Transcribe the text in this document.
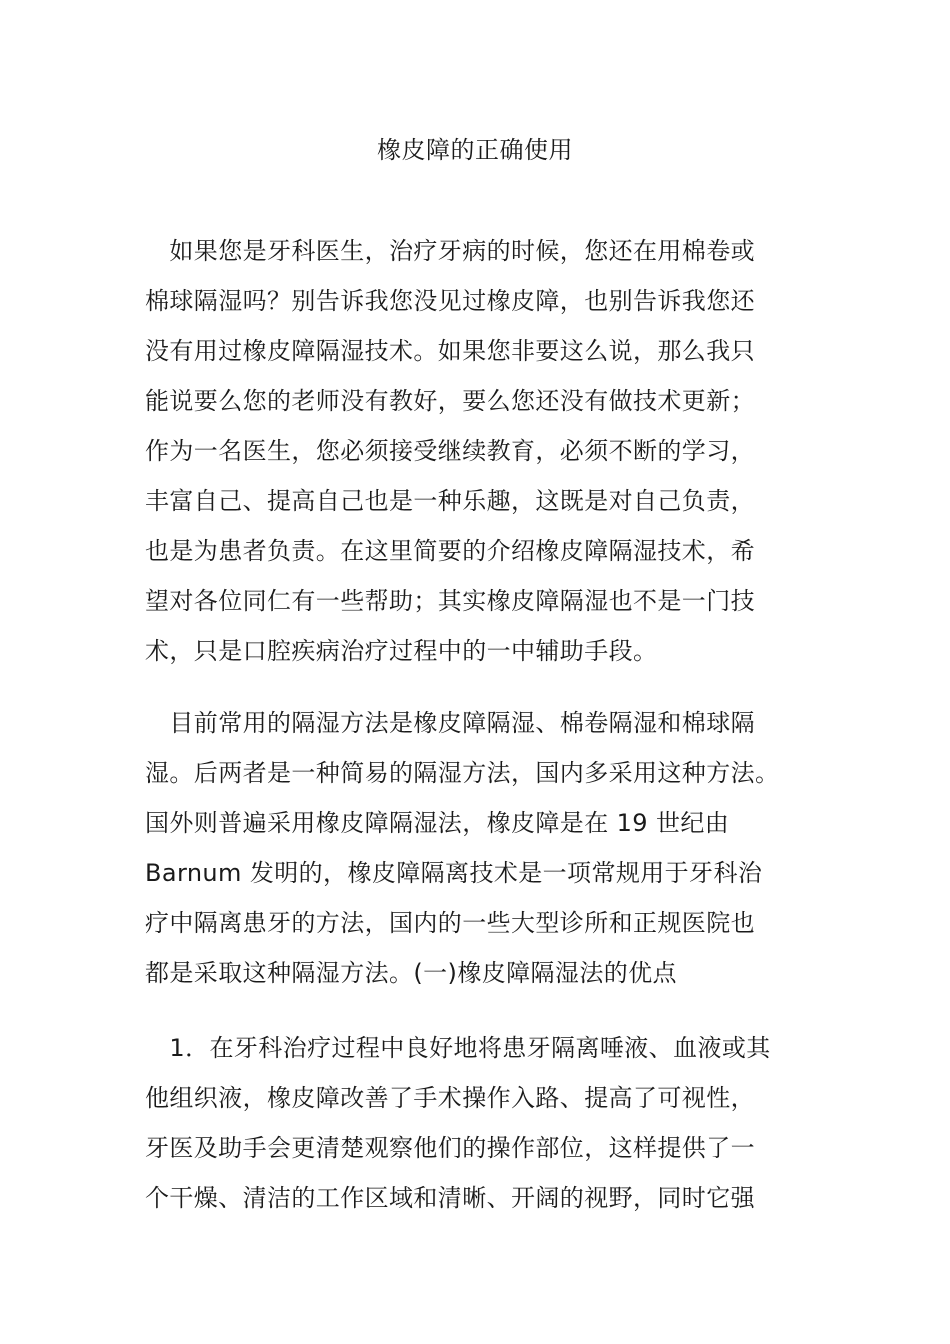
橡皮障的正确使用
　如果您是牙科医生，治疗牙病的时候，您还在用棉卷或
棉球隔湿吗？别告诉我您没见过橡皮障，也别告诉我您还
没有用过橡皮障隔湿技术。如果您非要这么说，那么我只
能说要么您的老师没有教好，要么您还没有做技术更新；
作为一名医生，您必须接受继续教育，必须不断的学习，
丰富自己、提高自己也是一种乐趣，这既是对自己负责，
也是为患者负责。在这里简要的介绍橡皮障隔湿技术，希
望对各位同仁有一些帮助；其实橡皮障隔湿也不是一门技
术，只是口腔疾病治疗过程中的一中辅助手段。
　目前常用的隔湿方法是橡皮障隔湿、棉卷隔湿和棉球隔
湿。后两者是一种简易的隔湿方法，国内多采用这种方法。
国外则普遍采用橡皮障隔湿法，橡皮障是在 19 世纪由
Barnum 发明的，橡皮障隔离技术是一项常规用于牙科治
疗中隔离患牙的方法，国内的一些大型诊所和正规医院也
都是采取这种隔湿方法。(一)橡皮障隔湿法的优点
　1．在牙科治疗过程中良好地将患牙隔离唾液、血液或其
他组织液，橡皮障改善了手术操作入路、提高了可视性，
牙医及助手会更清楚观察他们的操作部位，这样提供了一
个干燥、清洁的工作区域和清晰、开阔的视野，同时它强
